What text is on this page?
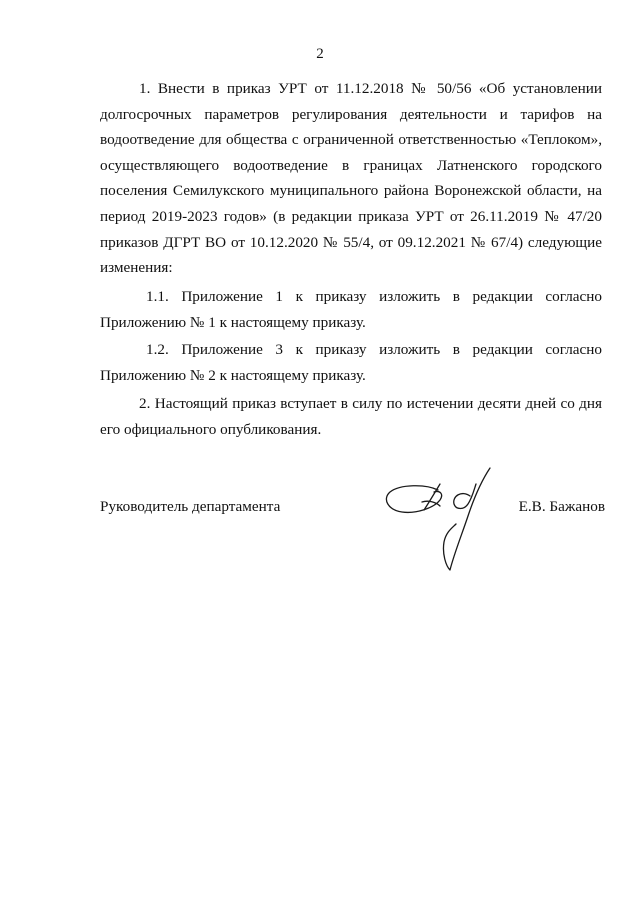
2
1. Внести в приказ УРТ от 11.12.2018 № 50/56 «Об установлении
долгосрочных параметров регулирования деятельности и тарифов на
водоотведение для общества с ограниченной ответственностью «Теплоком»,
осуществляющего водоотведение в границах Латненского городского
поселения Семилукского муниципального района Воронежской области, на
период 2019-2023 годов» (в редакции приказа УРТ от 26.11.2019 № 47/20
приказов ДГРТ ВО от 10.12.2020 № 55/4, от 09.12.2021 № 67/4) следующие
изменения:
1.1. Приложение 1 к приказу изложить в редакции согласно
Приложению № 1 к настоящему приказу.
1.2. Приложение 3 к приказу изложить в редакции согласно
Приложению № 2 к настоящему приказу.
2. Настоящий приказ вступает в силу по истечении десяти дней со дня
его официального опубликования.
Руководитель департамента	Е.В. Бажанов
